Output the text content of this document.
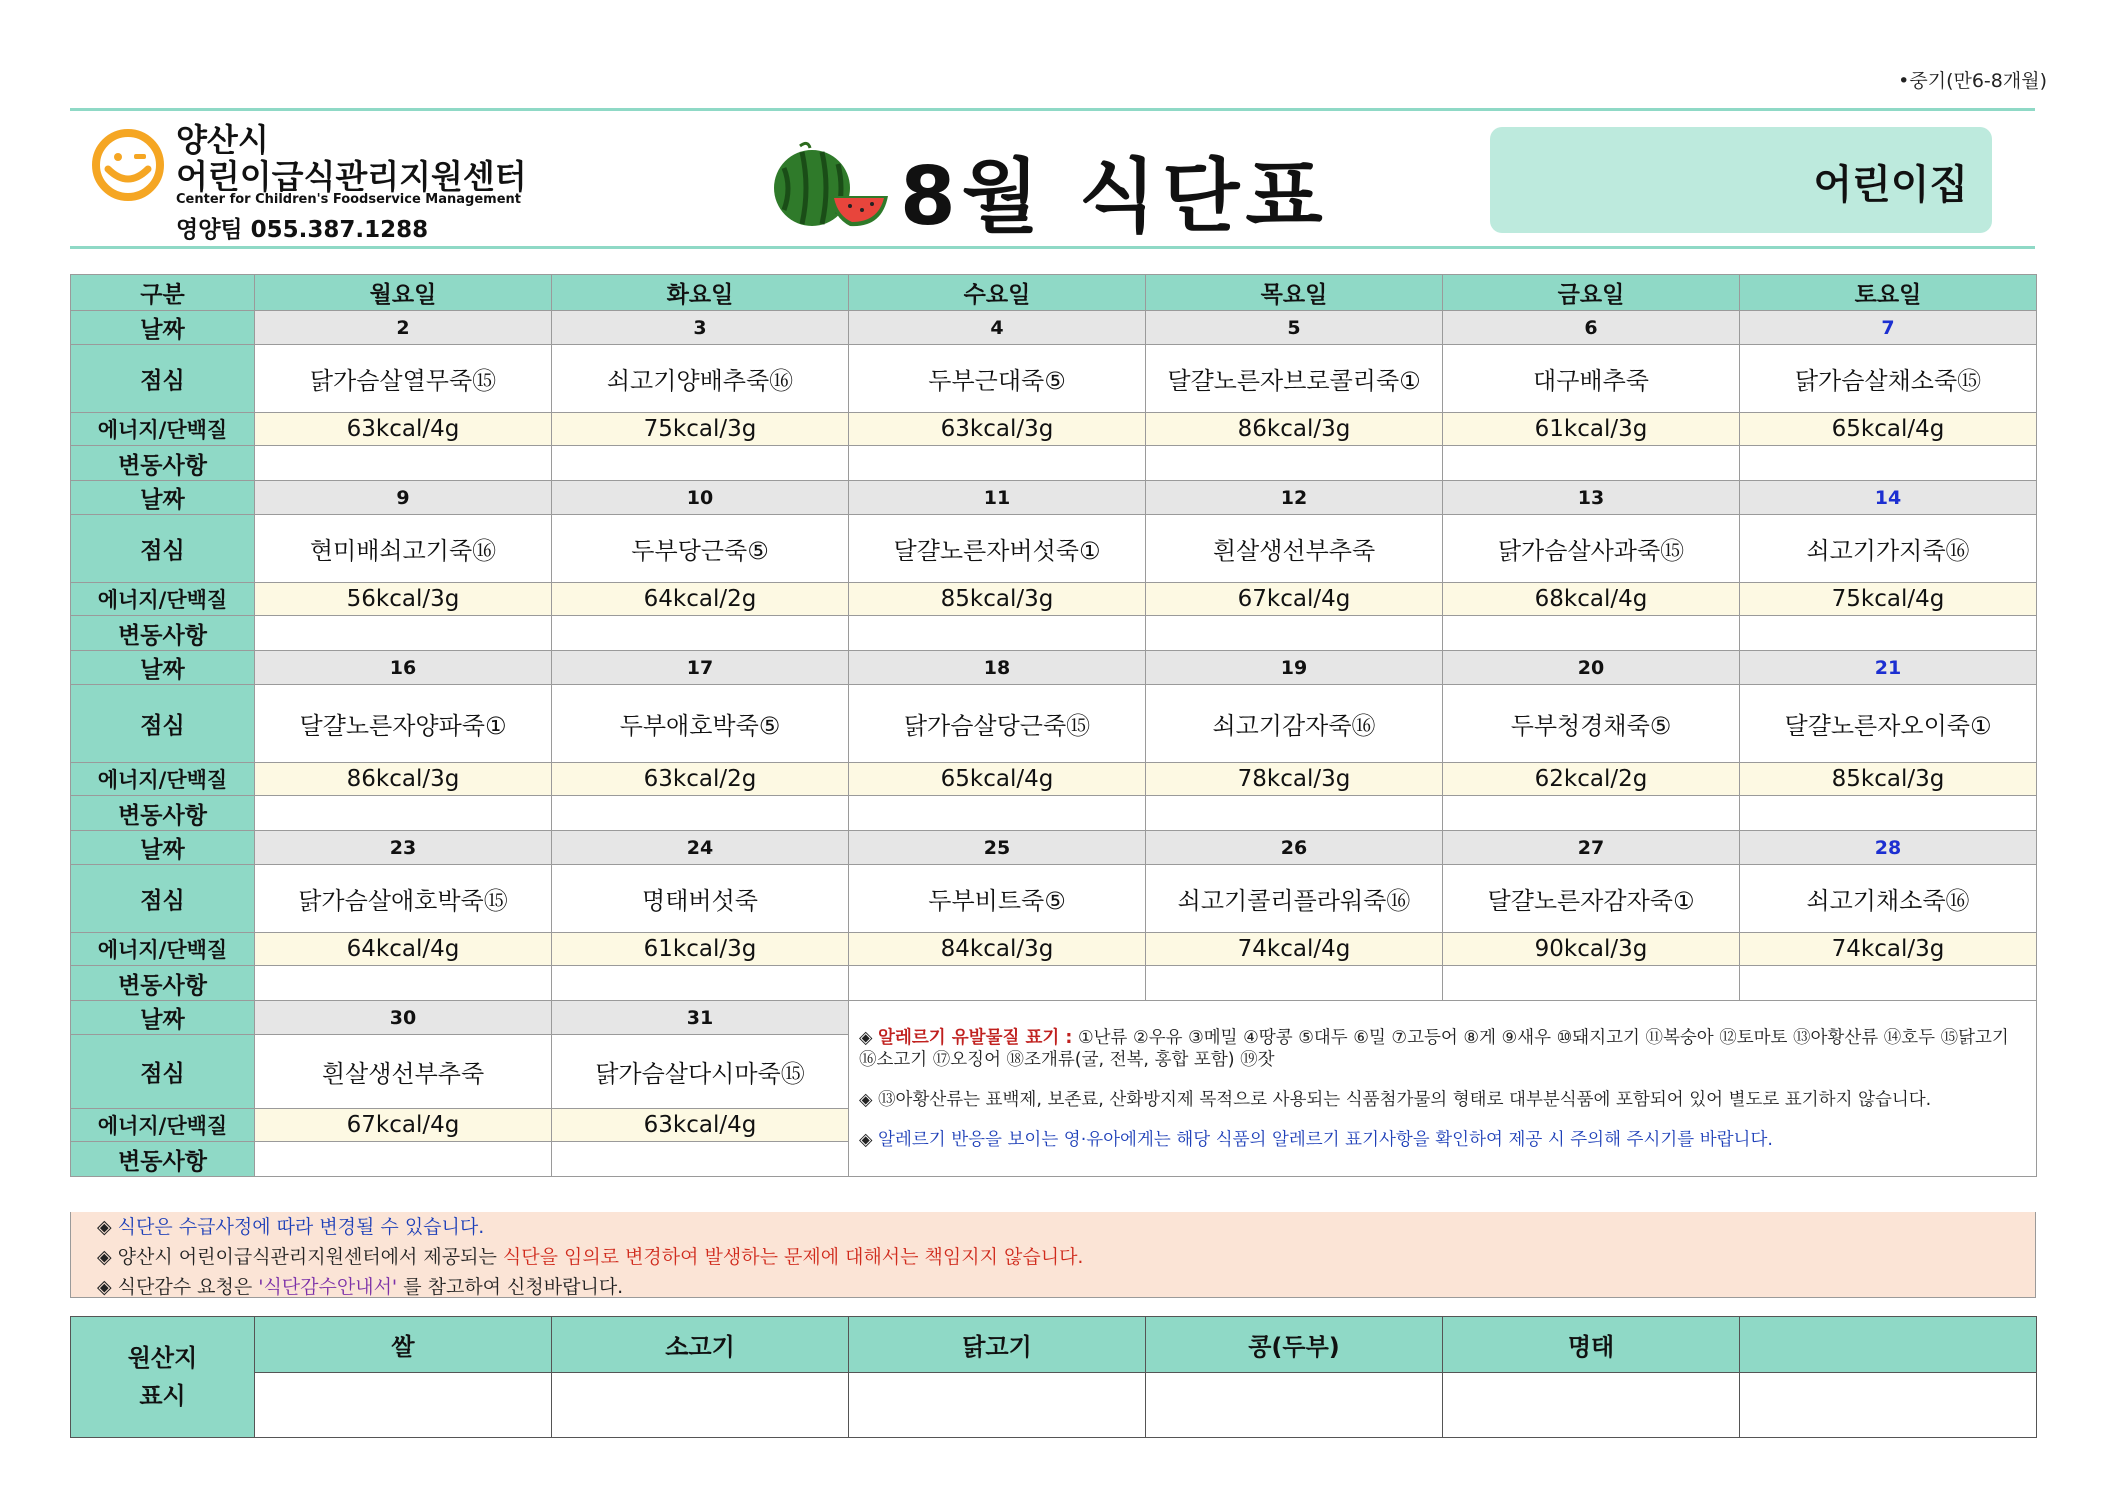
•중기(만6-8개월)
양산시
어린이급식관리지원센터
Center for Children's Foodservice Management
영양팀 055.387.1288	8월 식단표	어린이집
구분	월요일	화요일	수요일	목요일	금요일	토요일
날짜	2	3	4	5	6	7
점심	닭가슴살열무죽⑮	쇠고기양배추죽⑯	두부근대죽⑤	달걀노른자브로콜리죽①	대구배추죽	닭가슴살채소죽⑮
에너지/단백질	63kcal/4g	75kcal/3g	63kcal/3g	86kcal/3g	61kcal/3g	65kcal/4g
변동사항						
날짜	9	10	11	12	13	14
점심	현미배쇠고기죽⑯	두부당근죽⑤	달걀노른자버섯죽①	흰살생선부추죽	닭가슴살사과죽⑮	쇠고기가지죽⑯
에너지/단백질	56kcal/3g	64kcal/2g	85kcal/3g	67kcal/4g	68kcal/4g	75kcal/4g
변동사항						
날짜	16	17	18	19	20	21
점심	달걀노른자양파죽①	두부애호박죽⑤	닭가슴살당근죽⑮	쇠고기감자죽⑯	두부청경채죽⑤	달걀노른자오이죽①
에너지/단백질	86kcal/3g	63kcal/2g	65kcal/4g	78kcal/3g	62kcal/2g	85kcal/3g
변동사항						
날짜	23	24	25	26	27	28
점심	닭가슴살애호박죽⑮	명태버섯죽	두부비트죽⑤	쇠고기콜리플라워죽⑯	달걀노른자감자죽①	쇠고기채소죽⑯
에너지/단백질	64kcal/4g	61kcal/3g	84kcal/3g	74kcal/4g	90kcal/3g	74kcal/3g
변동사항						
날짜	30	31	◈ 알레르기 유발물질 표기 : ①난류 ②우유 ③메밀 ④땅콩 ⑤대두 ⑥밀 ⑦고등어 ⑧게 ⑨새우 ⑩돼지고기 ⑪복숭아 ⑫토마토 ⑬아황산류 ⑭호두 ⑮닭고기 ⑯소고기 ⑰오징어 ⑱조개류(굴, 전복, 홍합 포함) ⑲잣
◈ ⑬아황산류는 표백제, 보존료, 산화방지제 목적으로 사용되는 식품첨가물의 형태로 대부분식품에 포함되어 있어 별도로 표기하지 않습니다.
◈ 알레르기 반응을 보이는 영·유아에게는 해당 식품의 알레르기 표기사항을 확인하여 제공 시 주의해 주시기를 바랍니다.			

점심	흰살생선부추죽	닭가슴살다시마죽⑮				
에너지/단백질	67kcal/4g	63kcal/4g				
변동사항						
◈ 식단은 수급사정에 따라 변경될 수 있습니다.
◈ 양산시 어린이급식관리지원센터에서 제공되는 식단을 임의로 변경하여 발생하는 문제에 대해서는 책임지지 않습니다.
◈ 식단감수 요청은 '식단감수안내서' 를 참고하여 신청바랍니다.
원산지
표시	쌀	소고기	닭고기	콩(두부)	명태	
